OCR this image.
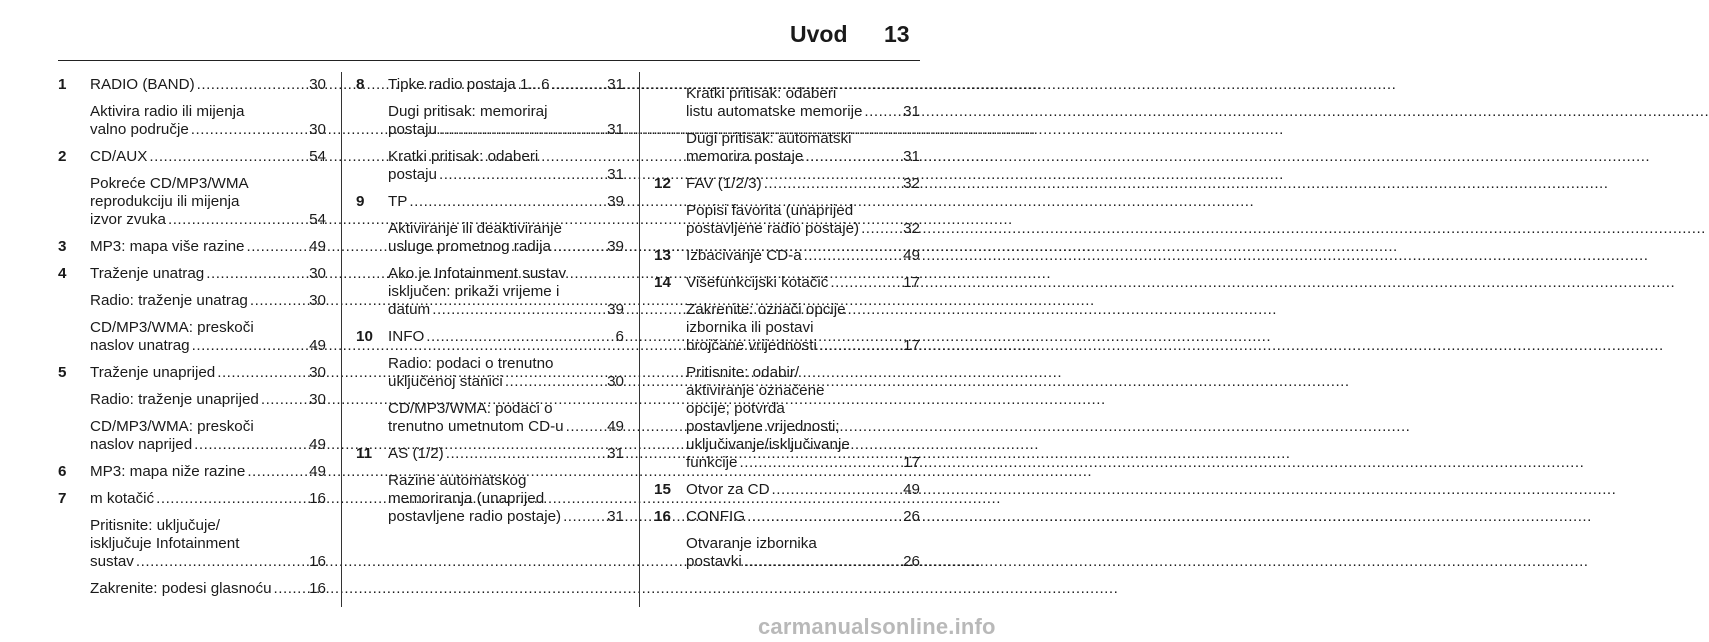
Uvod 13
1	RADIO (BAND) .....	30
Aktivira radio ili mijenja
valno područje .....	30
2	CD/AUX .....	54
Pokreće CD/MP3/WMA
reprodukciju ili mijenja
izvor zvuka .....	54
3	MP3: mapa više razine .....	49
4	Traženje unatrag .....	30
Radio: traženje unatrag .....	30
CD/MP3/WMA: preskoči
naslov unatrag .....	49
5	Traženje unaprijed .....	30
Radio: traženje unaprijed .....	30
CD/MP3/WMA: preskoči
naslov naprijed .....	49
6	MP3: mapa niže razine .....	49
7	m kotačić .....	16
Pritisnite: uključuje/
isključuje Infotainment
sustav .....	16
Zakrenite: podesi glasnoću ..... 16
8	Tipke radio postaja 1...6 .....	31
Dugi pritisak: memoriraj
postaju .....	31
Kratki pritisak: odaberi
postaju .....	31
9	TP .....	39
Aktiviranje ili deaktiviranje
usluge prometnog radija .....	39
Ako je Infotainment sustav
isključen: prikaži vrijeme i
datum .....	39
10 INFO .....	6
Radio: podaci o trenutno
uključenoj stanici .....	30
CD/MP3/WMA: podaci o
trenutno umetnutom CD-u .....	49
11	AS (1/2) .....	31
Razine automatskog
memoriranja (unaprijed
postavljene radio postaje) .....	31
Kratki pritisak: odaberi
listu automatske memorije .....	31
Dugi pritisak: automatski
memorira postaje .....	31
12 FAV (1/2/3) .....	32
Popisi favorita (unaprijed
postavljene radio postaje) .....	32
13 Izbacivanje CD-a .....	49
14 Višefunkcijski kotačić .....	17
Zakrenite: označi opcije
izbornika ili postavi
brojčane vrijednosti .....	17
Pritisnite: odabir/
aktiviranje označene
opcije; potvrda
postavljene vrijednosti;
uključivanje/isključivanje
funkcije .....	17
15 Otvor za CD .....	49
16 CONFIG .....	26
Otvaranje izbornika
postavki .....	26
carmanualsonline.info
